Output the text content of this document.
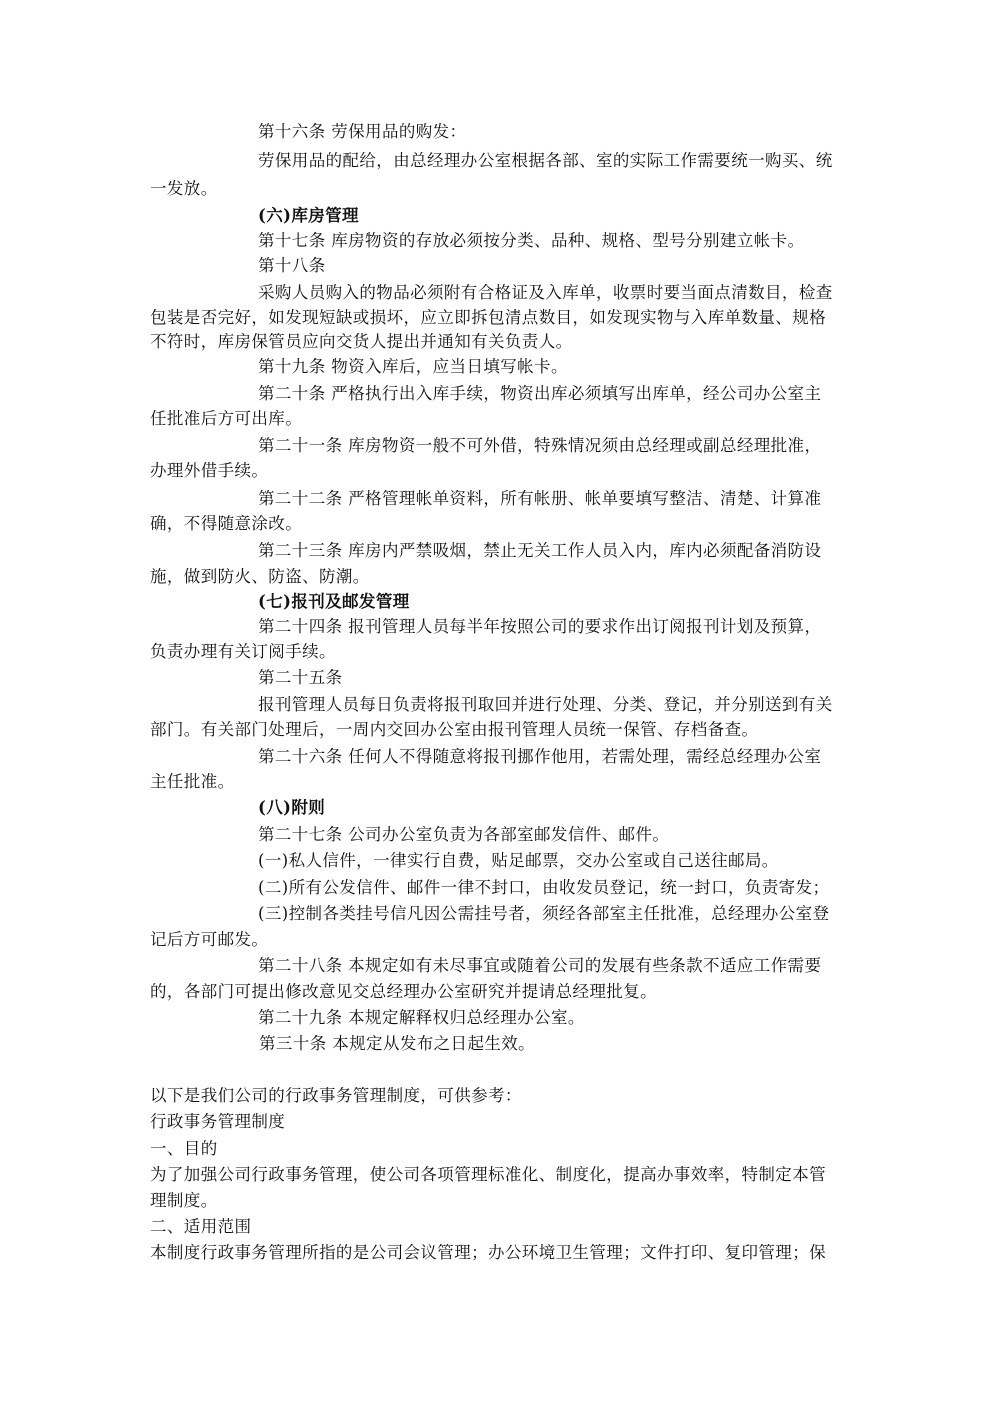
第十六条 劳保用品的购发：
劳保用品的配给，由总经理办公室根据各部、室的实际工作需要统一购买、统
一发放。
(六)库房管理
第十七条 库房物资的存放必须按分类、品种、规格、型号分别建立帐卡。
第十八条
采购人员购入的物品必须附有合格证及入库单，收票时要当面点清数目，检查
包装是否完好，如发现短缺或损坏，应立即拆包清点数目，如发现实物与入库单数量、规格
不符时，库房保管员应向交货人提出并通知有关负责人。
第十九条 物资入库后，应当日填写帐卡。
第二十条 严格执行出入库手续，物资出库必须填写出库单，经公司办公室主
任批准后方可出库。
第二十一条 库房物资一般不可外借，特殊情况须由总经理或副总经理批准，
办理外借手续。
第二十二条 严格管理帐单资料，所有帐册、帐单要填写整洁、清楚、计算准
确，不得随意涂改。
第二十三条 库房内严禁吸烟，禁止无关工作人员入内，库内必须配备消防设
施，做到防火、防盗、防潮。
(七)报刊及邮发管理
第二十四条 报刊管理人员每半年按照公司的要求作出订阅报刊计划及预算，
负责办理有关订阅手续。
第二十五条
报刊管理人员每日负责将报刊取回并进行处理、分类、登记，并分别送到有关
部门。有关部门处理后，一周内交回办公室由报刊管理人员统一保管、存档备查。
第二十六条 任何人不得随意将报刊挪作他用，若需处理，需经总经理办公室
主任批准。
(八)附则
第二十七条 公司办公室负责为各部室邮发信件、邮件。
(一)私人信件，一律实行自费，贴足邮票，交办公室或自己送往邮局。
(二)所有公发信件、邮件一律不封口，由收发员登记，统一封口，负责寄发；
(三)控制各类挂号信凡因公需挂号者，须经各部室主任批准，总经理办公室登
记后方可邮发。
第二十八条 本规定如有未尽事宜或随着公司的发展有些条款不适应工作需要
的，各部门可提出修改意见交总经理办公室研究并提请总经理批复。
第二十九条 本规定解释权归总经理办公室。
第三十条 本规定从发布之日起生效。
以下是我们公司的行政事务管理制度，可供参考：
行政事务管理制度
一、目的
为了加强公司行政事务管理，使公司各项管理标准化、制度化，提高办事效率，特制定本管
理制度。
二、适用范围
本制度行政事务管理所指的是公司会议管理；办公环境卫生管理；文件打印、复印管理；保
